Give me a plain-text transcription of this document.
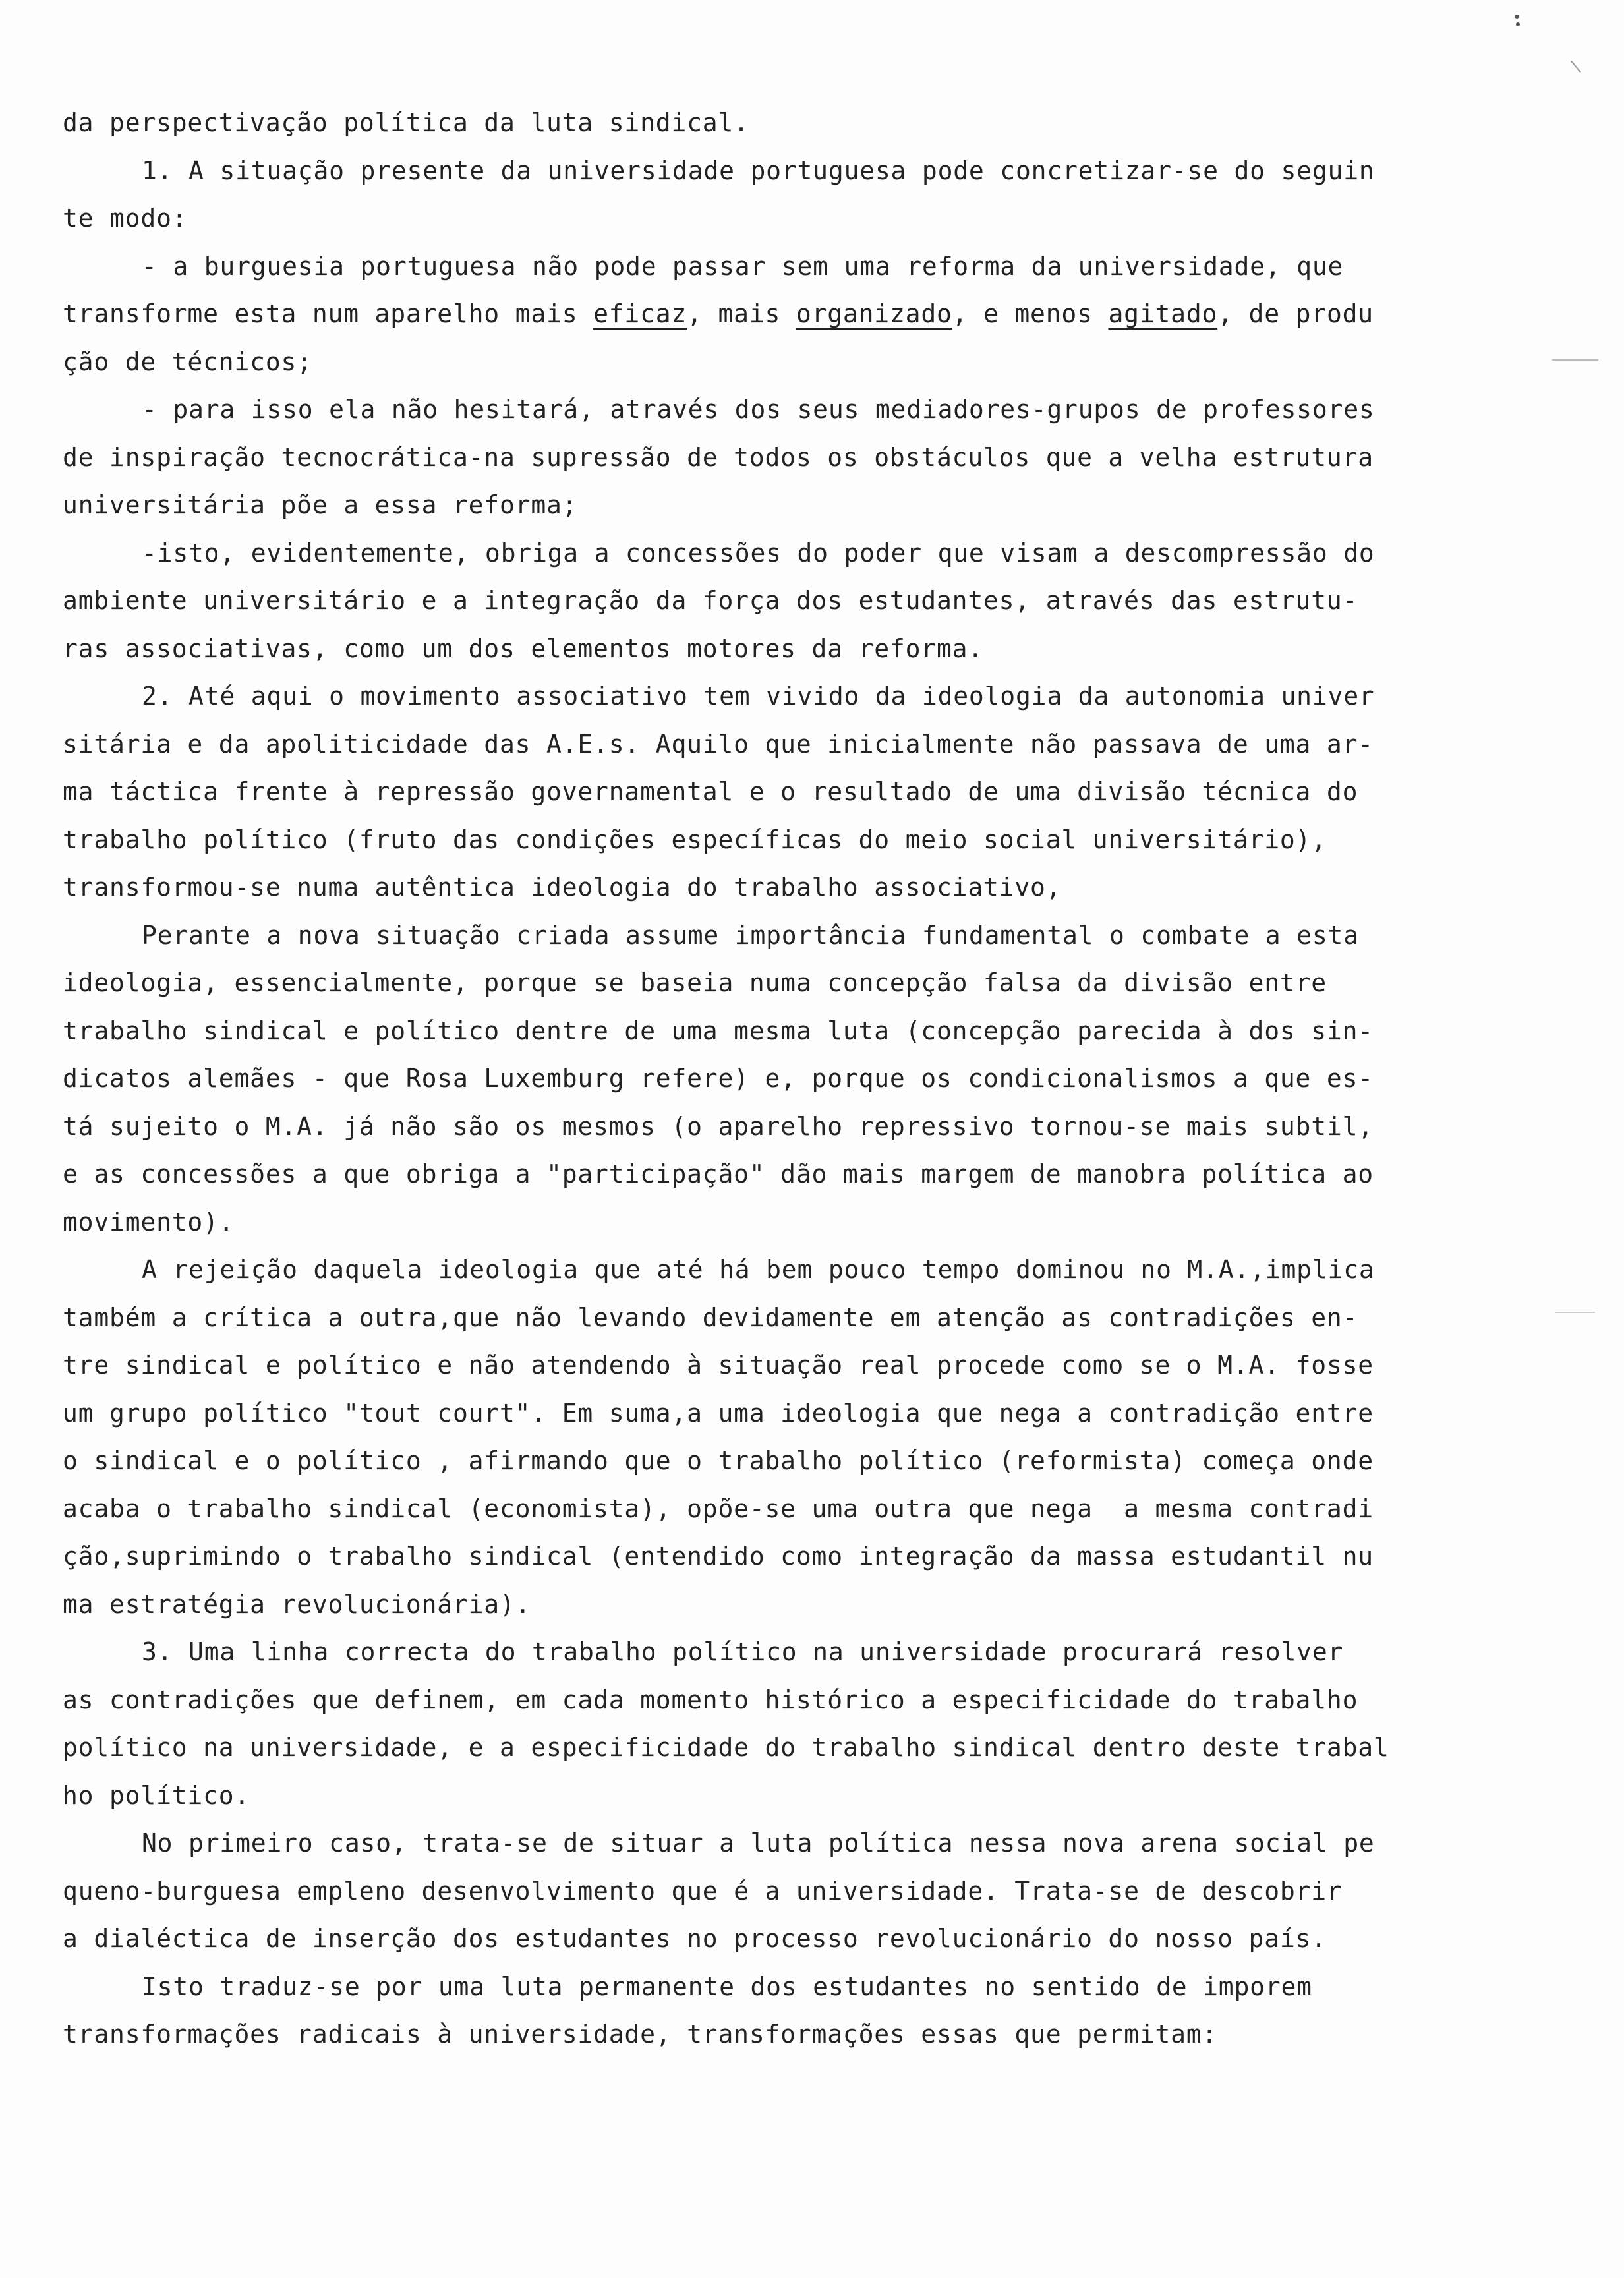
da perspectivação política da luta sindical.
1. A situação presente da universidade portuguesa pode concretizar-se do seguin
te modo:
- a burguesia portuguesa não pode passar sem uma reforma da universidade, que
transforme esta num aparelho mais eficaz, mais organizado, e menos agitado, de produ
ção de técnicos;
- para isso ela não hesitará, através dos seus mediadores-grupos de professores
de inspiração tecnocrática-na supressão de todos os obstáculos que a velha estrutura
universitária põe a essa reforma;
-isto, evidentemente, obriga a concessões do poder que visam a descompressão do
ambiente universitário e a integração da força dos estudantes, através das estrutu-
ras associativas, como um dos elementos motores da reforma.
2. Até aqui o movimento associativo tem vivido da ideologia da autonomia univer
sitária e da apoliticidade das A.E.s. Aquilo que inicialmente não passava de uma ar-
ma táctica frente à repressão governamental e o resultado de uma divisão técnica do
trabalho político (fruto das condições específicas do meio social universitário),
transformou-se numa autêntica ideologia do trabalho associativo,
Perante a nova situação criada assume importância fundamental o combate a esta
ideologia, essencialmente, porque se baseia numa concepção falsa da divisão entre
trabalho sindical e político dentre de uma mesma luta (concepção parecida à dos sin-
dicatos alemães - que Rosa Luxemburg refere) e, porque os condicionalismos a que es-
tá sujeito o M.A. já não são os mesmos (o aparelho repressivo tornou-se mais subtil,
e as concessões a que obriga a "participação" dão mais margem de manobra política ao
movimento).
A rejeição daquela ideologia que até há bem pouco tempo dominou no M.A.,implica
também a crítica a outra,que não levando devidamente em atenção as contradições en-
tre sindical e político e não atendendo à situação real procede como se o M.A. fosse
um grupo político "tout court". Em suma,a uma ideologia que nega a contradição entre
o sindical e o político , afirmando que o trabalho político (reformista) começa onde
acaba o trabalho sindical (economista), opõe-se uma outra que nega  a mesma contradi
ção,suprimindo o trabalho sindical (entendido como integração da massa estudantil nu
ma estratégia revolucionária).
3. Uma linha correcta do trabalho político na universidade procurará resolver
as contradições que definem, em cada momento histórico a especificidade do trabalho
político na universidade, e a especificidade do trabalho sindical dentro deste trabal
ho político.
No primeiro caso, trata-se de situar a luta política nessa nova arena social pe
queno-burguesa empleno desenvolvimento que é a universidade. Trata-se de descobrir
a dialéctica de inserção dos estudantes no processo revolucionário do nosso país.
Isto traduz-se por uma luta permanente dos estudantes no sentido de imporem
transformações radicais à universidade, transformações essas que permitam:
